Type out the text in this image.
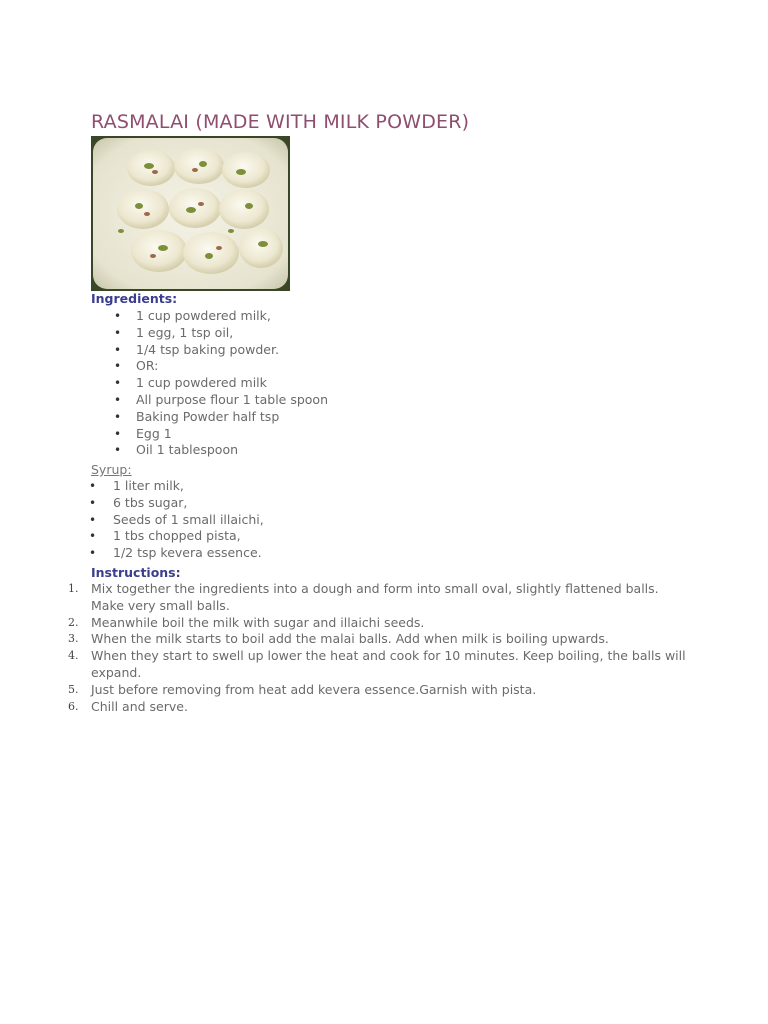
RASMALAI (MADE WITH MILK POWDER)
Ingredients:
• 1 cup powdered milk,
• 1 egg, 1 tsp oil,
• 1/4 tsp baking powder.
• OR:
• 1 cup powdered milk
• All purpose flour 1 table spoon
• Baking Powder half tsp
• Egg 1
• Oil 1 tablespoon
Syrup:
• 1 liter milk,
• 6 tbs sugar,
• Seeds of 1 small illaichi,
• 1 tbs chopped pista,
• 1/2 tsp kevera essence.
Instructions:
1. Mix together the ingredients into a dough and form into small oval, slightly flattened balls. Make very small balls.
2. Meanwhile boil the milk with sugar and illaichi seeds.
3. When the milk starts to boil add the malai balls. Add when milk is boiling upwards.
4. When they start to swell up lower the heat and cook for 10 minutes. Keep boiling, the balls will expand.
5. Just before removing from heat add kevera essence.Garnish with pista.
6. Chill and serve.
